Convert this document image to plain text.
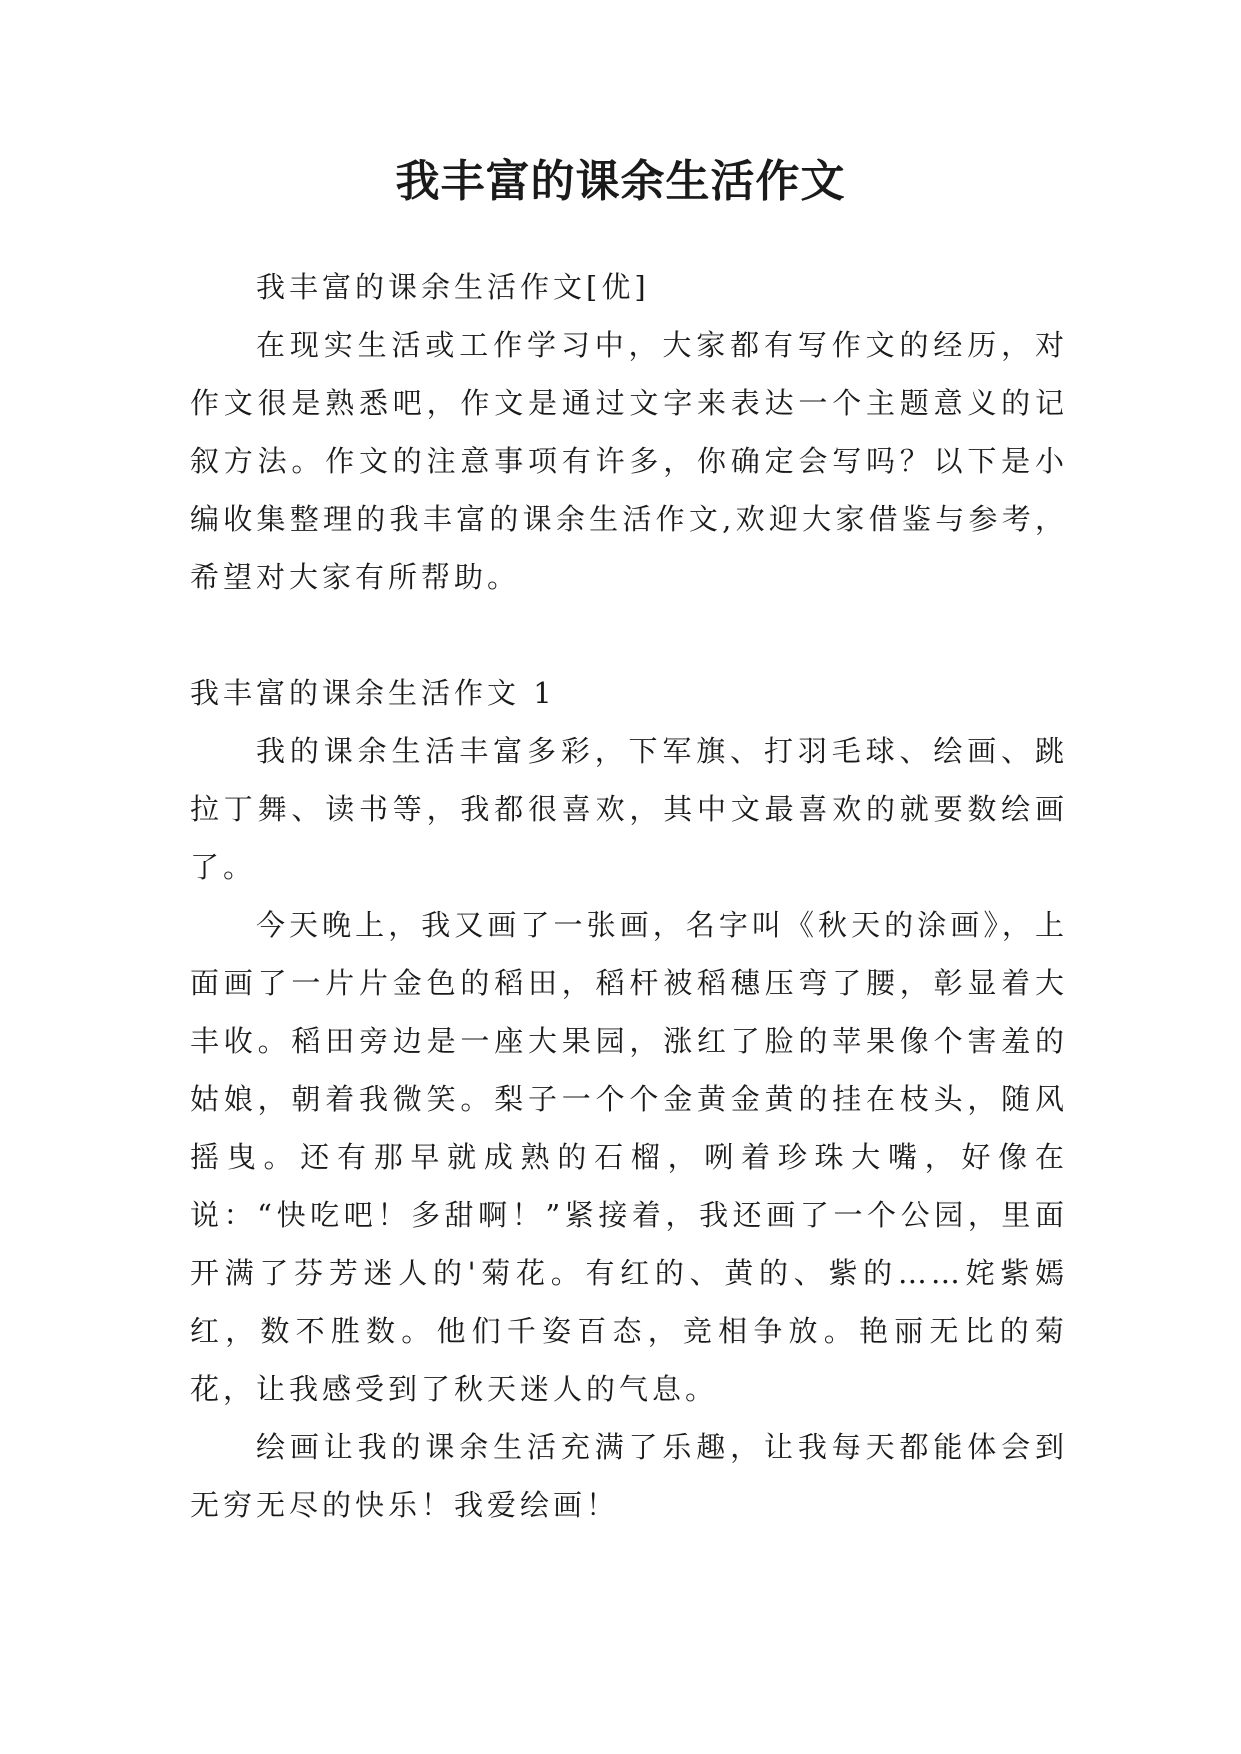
我丰富的课余生活作文

我丰富的课余生活作文[优]

在现实生活或工作学习中，大家都有写作文的经历，对作文很是熟悉吧，作文是通过文字来表达一个主题意义的记叙方法。作文的注意事项有许多，你确定会写吗？以下是小编收集整理的我丰富的课余生活作文,欢迎大家借鉴与参考，希望对大家有所帮助。

我丰富的课余生活作文 1

我的课余生活丰富多彩，下军旗、打羽毛球、绘画、跳拉丁舞、读书等，我都很喜欢，其中文最喜欢的就要数绘画了。

今天晚上，我又画了一张画，名字叫《秋天的涂画》，上面画了一片片金色的稻田，稻杆被稻穗压弯了腰，彰显着大丰收。稻田旁边是一座大果园，涨红了脸的苹果像个害羞的姑娘，朝着我微笑。梨子一个个金黄金黄的挂在枝头，随风摇曳。还有那早就成熟的石榴，咧着珍珠大嘴，好像在说：“快吃吧！多甜啊！”紧接着，我还画了一个公园，里面开满了芬芳迷人的'菊花。有红的、黄的、紫的……姹紫嫣红，数不胜数。他们千姿百态，竞相争放。艳丽无比的菊花，让我感受到了秋天迷人的气息。

绘画让我的课余生活充满了乐趣，让我每天都能体会到无穷无尽的快乐！我爱绘画！
